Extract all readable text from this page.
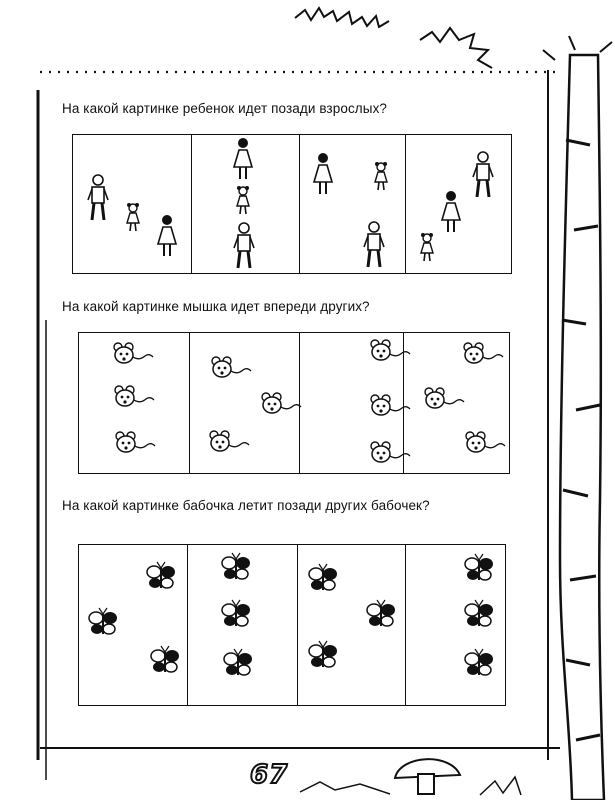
На какой картинке ребенок идет позади взрослых?
На какой картинке мышка идет впереди других?
На какой картинке бабочка летит позади других бабочек?
67
